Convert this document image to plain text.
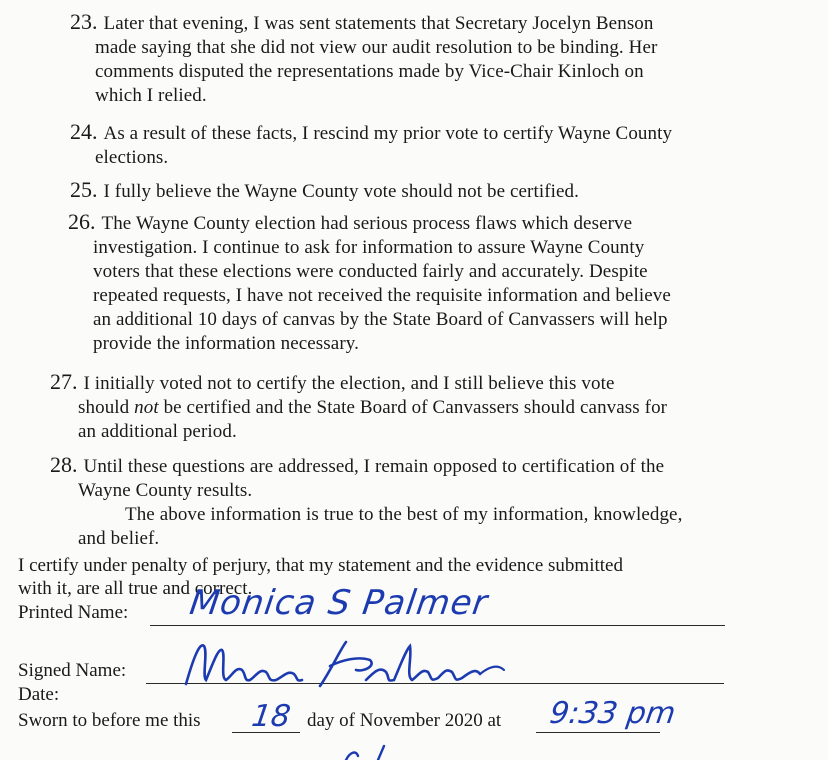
23. Later that evening, I was sent statements that Secretary Jocelyn Benson
made saying that she did not view our audit resolution to be binding. Her
comments disputed the representations made by Vice-Chair Kinloch on
which I relied.
24. As a result of these facts, I rescind my prior vote to certify Wayne County
elections.
25. I fully believe the Wayne County vote should not be certified.
26. The Wayne County election had serious process flaws which deserve
investigation. I continue to ask for information to assure Wayne County
voters that these elections were conducted fairly and accurately. Despite
repeated requests, I have not received the requisite information and believe
an additional 10 days of canvas by the State Board of Canvassers will help
provide the information necessary.
27. I initially voted not to certify the election, and I still believe this vote
should not be certified and the State Board of Canvassers should canvass for
an additional period.
28. Until these questions are addressed, I remain opposed to certification of the
Wayne County results.
The above information is true to the best of my information, knowledge,
and belief.
I certify under penalty of perjury, that my statement and the evidence submitted
with it, are all true and correct.
Printed Name: Monica S Palmer
Signed Name:
Date:
Sworn to before me this 18 day of November 2020 at 9:33 pm
